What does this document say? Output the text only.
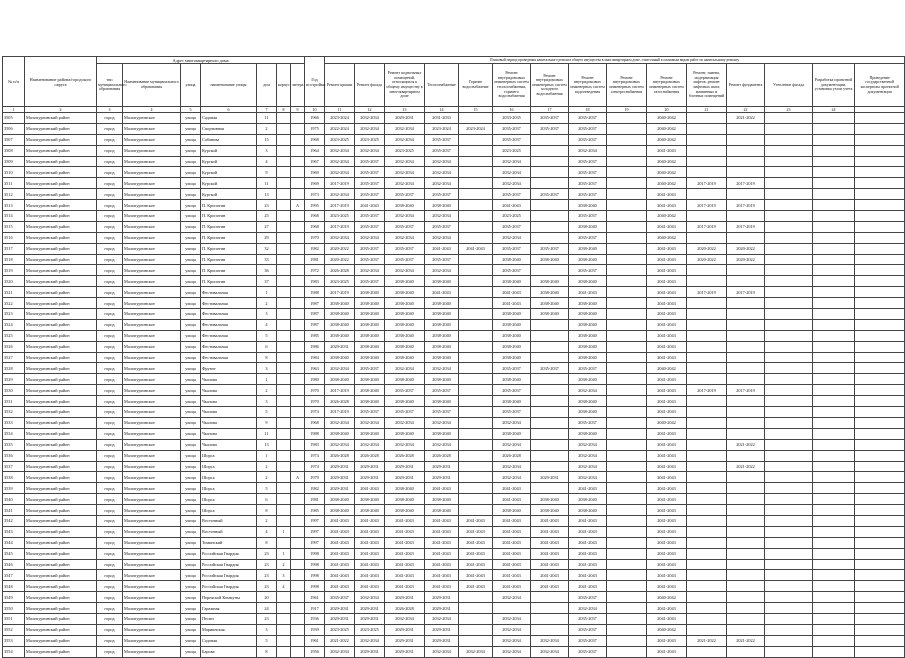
№ п/п	Наименование района/городского округа	Адрес многоквартирного дома							Год постройки	Плановый период проведения капитального ремонта общего имущества в многоквартирном доме, отнесенный к плановым видам работ по капитальному ремонту														
		тип муниципального образования	Наименование муниципального образования	улица	наименование улицы	дом	корпус	литера		Ремонт крыши	Ремонт фасада	Ремонт подвальных помещений, относящихся к общему имуществу в многоквартирном доме	Теплоснабжение	Горячее водоснабжение	Ремонт внутридомовых инженерных систем теплоснабжения, горячего водоснабжения	Ремонт внутридомовых инженерных систем холодного водоснабжения	Ремонт внутридомовых инженерных систем водоотведения	Ремонт внутридомовых инженерных систем электроснабжения	Ремонт внутридомовых инженерных систем газоснабжения	Ремонт, замена, модернизация лифтов, ремонт лифтовых шахт, машинных и блочных помещений	Ремонт фундамента	Утепление фасада	Разработка проектной документации, установка узлов учета	Проведение государственной экспертизы проектной документации
1	2	3	4	5	6	7	8	9	10	11	12	13	14	15	16	17	18	19	20	21	22	23	24	
3505	Малопургинский район	город	Малопургинское	улица	Садовая	11			1966	2023-2024	2032-2034	2029-2031	2031-2033		2033-2035	2035-2037	2035-2037		2040-2042		2021-2022			
3506	Малопургинский район	город	Малопургинское	улица	Спортивная	2			1975	2022-2024	2032-2034	2032-2034	2023-2024	2023-2024	2035-2037	2035-2037	2035-2037		2040-2042					
3507	Малопургинский район	город	Малопургинское	улица	Сабанова	15			1968	2023-2025	2023-2025	2032-2034	2035-2037		2035-2037		2035-2037		2040-2042					
3508	Малопургинский район	город	Малопургинское	улица	Курской	3			1964	2032-2034	2032-2034	2023-2025	2035-2037		2023-2025		2032-2034		2041-2043					
3509	Малопургинский район	город	Малопургинское	улица	Курской	4			1967	2032-2034	2035-2037	2032-2034	2032-2034		2032-2034		2035-2037		2040-2042					
3510	Малопургинский район	город	Малопургинское	улица	Курской	9			1969	2032-2034	2035-2037	2032-2034	2032-2034		2032-2034		2035-2037		2040-2042					
3511	Малопургинский район	город	Малопургинское	улица	Курской	11			1969	2017-2019	2035-2037	2032-2034	2032-2034		2032-2034		2035-2037		2040-2042	2017-2019	2017-2019			
3512	Малопургинский район	город	Малопургинское	улица	Курской	13			1973	2032-2034	2035-2037	2035-2037	2035-2037		2035-2037	2035-2037	2035-2037		2041-2043					
3513	Малопургинский район	город	Малопургинское	улица	П. Кропотин	23		А	1995	2017-2019	2041-2043	2038-2040	2038-2040		2041-2043		2038-2040		2041-2043	2017-2019	2017-2019			
3514	Малопургинский район	город	Малопургинское	улица	П. Кропотин	25			1968	2023-2025	2035-2037	2032-2034	2032-2034		2023-2025		2035-2037		2040-2042					
3515	Малопургинский район	город	Малопургинское	улица	П. Кропотин	27			1968	2017-2019	2035-2037	2035-2037	2035-2037		2035-2037		2038-2040		2041-2043	2017-2019	2017-2019			
3516	Малопургинский район	город	Малопургинское	улица	П. Кропотин	29			1970	2032-2034	2032-2034	2032-2034	2032-2034		2032-2034		2035-2037		2040-2042					
3517	Малопургинский район	город	Малопургинское	улица	П. Кропотин	32			1982	2020-2022	2035-2037	2035-2037	2041-2043	2041-2043	2035-2037	2035-2037	2038-2040		2041-2043	2020-2022	2020-2022			
3518	Малопургинский район	город	Малопургинское	улица	П. Кропотин	33			1981	2020-2022	2035-2037	2035-2037	2035-2037		2038-2040	2038-2040	2038-2040		2041-2043	2020-2022	2020-2022			
3519	Малопургинский район	город	Малопургинское	улица	П. Кропотин	36			1972	2026-2028	2032-2034	2032-2034	2032-2034		2035-2037		2035-2037		2041-2043					
3520	Малопургинский район	город	Малопургинское	улица	П. Кропотин	37			1983	2023-2025	2035-2037	2038-2040	2038-2040		2038-2040	2038-2040	2038-2040		2041-2043					
3521	Малопургинский район	город	Малопургинское	улица	Фестивальная	1			1988	2017-2019	2038-2040	2038-2040	2041-2043		2041-2043	2038-2040	2041-2043		2041-2043	2017-2019	2017-2019			
3522	Малопургинский район	город	Малопургинское	улица	Фестивальная	2			1987	2038-2040	2038-2040	2038-2040	2038-2040		2041-2043	2038-2040	2038-2040		2041-2043					
3523	Малопургинский район	город	Малопургинское	улица	Фестивальная	3			1987	2038-2040	2038-2040	2038-2040	2038-2040		2038-2040	2038-2040	2038-2040		2041-2043					
3524	Малопургинский район	город	Малопургинское	улица	Фестивальная	4			1987	2038-2040	2038-2040	2038-2040	2038-2040		2038-2040		2038-2040		2041-2043					
3525	Малопургинский район	город	Малопургинское	улица	Фестивальная	5			1985	2038-2040	2038-2040	2038-2040	2038-2040		2038-2040		2038-2040		2041-2043					
3526	Малопургинский район	город	Малопургинское	улица	Фестивальная	6			1986	2029-2031	2038-2040	2038-2040	2038-2040		2038-2040		2038-2040		2041-2043					
3527	Малопургинский район	город	Малопургинское	улица	Фестивальная	8			1984	2038-2040	2038-2040	2038-2040	2038-2040		2038-2040		2038-2040		2041-2043					
3528	Малопургинский район	город	Малопургинское	улица	Фрунзе	3			1963	2032-2034	2035-2037	2032-2034	2032-2034		2035-2037	2035-2037	2035-2037		2040-2042					
3529	Малопургинский район	город	Малопургинское	улица	Чкалова	1			1980	2038-2040	2038-2040	2038-2040	2038-2040		2038-2040		2038-2040		2041-2043					
3530	Малопургинский район	город	Малопургинское	улица	Чкалова	2			1970	2017-2019	2038-2040	2035-2037	2035-2037		2035-2037		2032-2034		2041-2043	2017-2019	2017-2019			
3531	Малопургинский район	город	Малопургинское	улица	Чкалова	3			1970	2026-2028	2038-2040	2038-2040	2038-2040		2038-2040		2038-2040		2041-2043					
3532	Малопургинский район	город	Малопургинское	улица	Чкалова	5			1974	2017-2019	2035-2037	2035-2037	2035-2037		2035-2037		2038-2040		2041-2043					
3533	Малопургинский район	город	Малопургинское	улица	Чкалова	9			1968	2032-2034	2032-2034	2032-2034	2032-2034		2032-2034		2035-2037		2040-2042					
3534	Малопургинский район	город	Малопургинское	улица	Чкалова	11			1988	2038-2040	2038-2040	2038-2040	2038-2040		2038-2040		2038-2040		2041-2043					
3535	Малопургинский район	город	Малопургинское	улица	Чкалова	13			1983	2032-2034	2032-2034	2032-2034	2032-2034		2032-2034		2032-2034		2041-2043		2021-2022			
3536	Малопургинский район	город	Малопургинское	улица	Шорса	1			1974	2026-2028	2026-2028	2026-2028	2026-2028		2026-2028		2032-2034		2041-2043					
3537	Малопургинский район	город	Малопургинское	улица	Шорса	2			1974	2029-2031	2029-2031	2029-2031	2029-2031		2032-2034		2032-2034		2041-2043		2021-2022			
3538	Малопургинский район	город	Малопургинское	улица	Шорса	2		А	1979	2029-2031	2029-2031	2029-2031	2029-2031		2032-2034	2029-2031	2032-2034		2041-2043					
3539	Малопургинский район	город	Малопургинское	улица	Шорса	5			1982	2029-2031	2041-2043	2038-2040	2041-2043		2041-2043		2041-2043		2041-2043					
3540	Малопургинский район	город	Малопургинское	улица	Шорса	6			1981	2038-2040	2038-2040	2038-2040	2038-2040		2041-2043	2038-2040	2038-2040		2041-2043					
3541	Малопургинский район	город	Малопургинское	улица	Шорса	8			1985	2038-2040	2038-2040	2038-2040	2038-2040		2038-2040	2038-2040	2038-2040		2041-2043					
3542	Малопургинский район	город	Малопургинское	улица	Восточный	2			1997	2041-2043	2041-2043	2041-2043	2041-2043	2041-2043	2041-2043	2041-2043	2041-2043		2041-2043					
3543	Малопургинский район	город	Малопургинское	улица	Восточный	4	1		1997	2041-2043	2041-2043	2041-2043	2041-2043	2041-2043	2041-2043	2041-2043	2041-2043		2041-2043					
3544	Малопургинский район	город	Малопургинское	улица	Томинский	8			1997	2041-2043	2041-2043	2041-2043	2041-2043	2041-2043	2041-2043	2041-2043	2041-2043		2041-2043					
3545	Малопургинский район	город	Малопургинское	улица	Российская Гвардия	23	1		1998	2041-2043	2041-2043	2041-2043	2041-2043	2041-2043	2041-2043	2041-2043	2041-2043		2041-2043					
3546	Малопургинский район	город	Малопургинское	улица	Российская Гвардия	23	2		1998	2041-2043	2041-2043	2041-2043	2041-2043	2041-2043	2041-2043	2041-2043	2041-2043		2041-2043					
3547	Малопургинский район	город	Малопургинское	улица	Российская Гвардия	23	3		1998	2041-2043	2041-2043	2041-2043	2041-2043	2041-2043	2041-2043	2041-2043	2041-2043		2041-2043					
3548	Малопургинский район	город	Малопургинское	улица	Российская Гвардия	23	4		1998	2041-2043	2041-2043	2041-2043	2041-2043	2041-2043	2041-2043	2041-2043	2041-2043		2041-2043					
3549	Малопургинский район	город	Малопургинское	улица	Переяской Коммуны	20			1961	2035-2037	2032-2034	2029-2031	2029-2031		2032-2034		2035-2037		2040-2042					
3550	Малопургинский район	город	Малопургинское	улица	Гаражная	24			1917	2029-2031	2029-2031	2026-2028	2029-2031				2032-2034		2041-2043					
3551	Малопургинский район	город	Малопургинское	улица	Песни	23			1936	2029-2031	2029-2031	2032-2034	2032-2034		2032-2034		2035-2037		2041-2043					
3552	Малопургинский район	город	Малопургинское	улица	Мариинская	3			1939	2023-2025	2023-2025	2029-2031	2029-2031		2032-2034		2035-2037		2040-2042					
3553	Малопургинский район	город	Малопургинское	улица	Садовая	5			1961	2021-2022	2032-2034	2029-2031	2029-2031		2032-2034	2032-2034	2035-2037		2041-2043	2021-2022	2021-2022			
3554	Малопургинский район	город	Малопургинское	улица	Барова	8			1956	2032-2034	2029-2031	2029-2031	2032-2034	2032-2034	2032-2034	2032-2034	2035-2037		2041-2043					
